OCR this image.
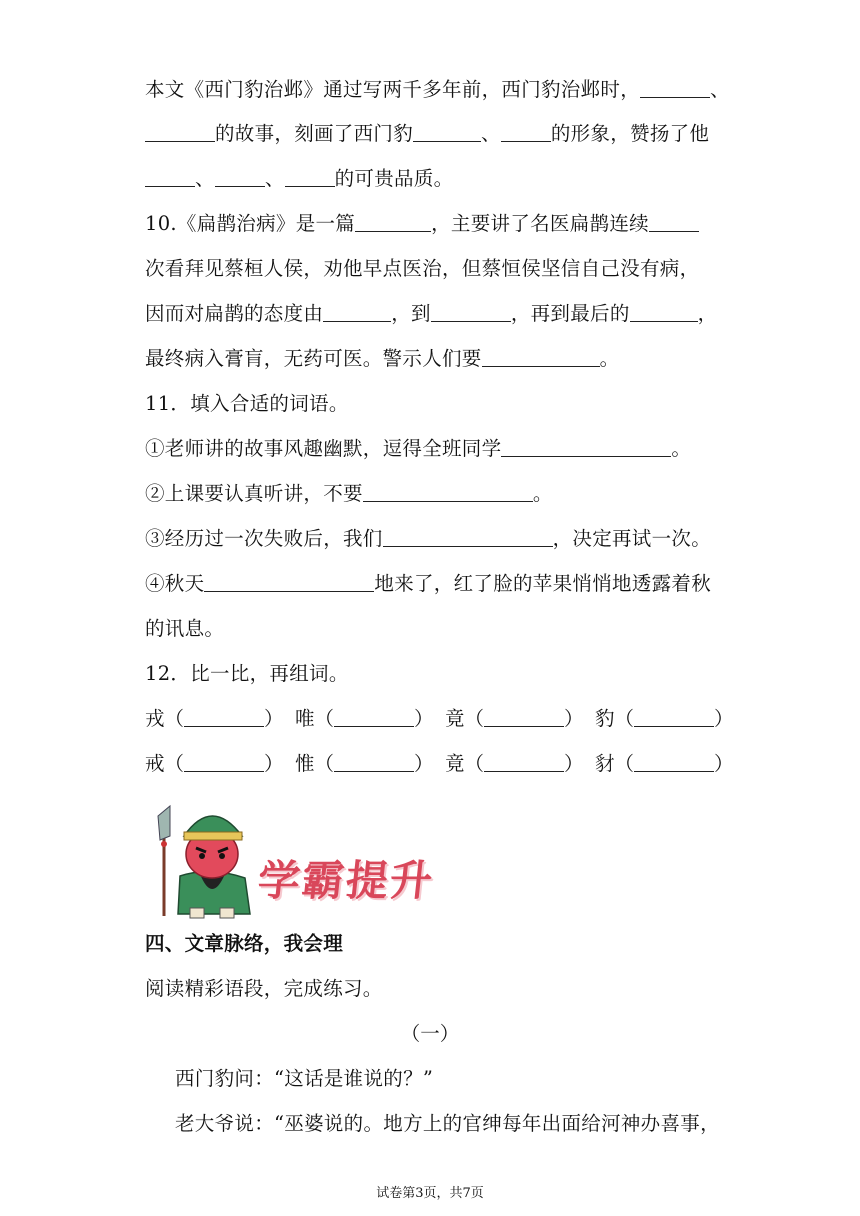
本文《西门豹治邺》通过写两千多年前，西门豹治邺时，	、
的故事，刻画了西门豹	、	的形象，赞扬了他
、	、	的可贵品质。
10.《扁鹊治病》是一篇	，主要讲了名医扁鹊连续
次看拜见蔡桓人侯，劝他早点医治，但蔡恒侯坚信自己没有病，
因而对扁鹊的态度由	，到	，再到最后的	，
最终病入膏肓，无药可医。警示人们要	。
11．填入合适的词语。
①老师讲的故事风趣幽默，逗得全班同学	。
②上课要认真听讲，不要	。
③经历过一次失败后，我们	，决定再试一次。
④秋天	地来了，红了脸的苹果悄悄地透露着秋
的讯息。
12．比一比，再组词。
戎（	） 唯（	） 竟（	） 豹（	）
戒（	） 惟（	） 竟（	） 豺（	）
学霸提升
四、文章脉络，我会理
阅读精彩语段，完成练习。
（一）
西门豹问：“这话是谁说的？”
老大爷说：“巫婆说的。地方上的官绅每年出面给河神办喜事，
试卷第3页，共7页
